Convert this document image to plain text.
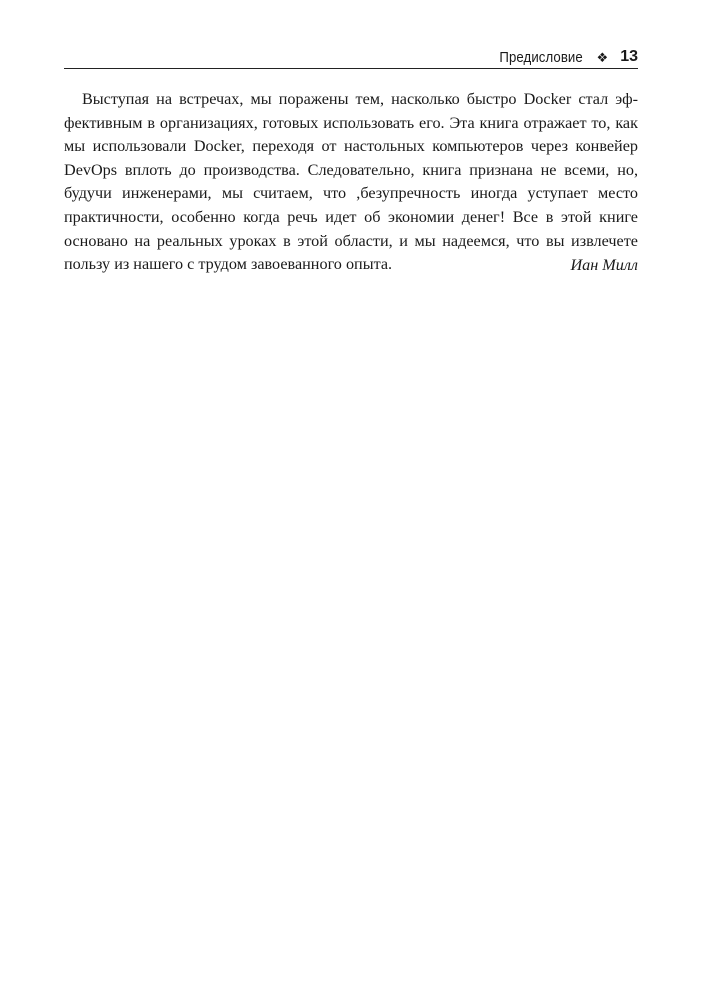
Предисловие ❖ 13

Выступая на встречах, мы поражены тем, насколько быстро Docker стал эффективным в организациях, готовых использовать его. Эта книга отражает то, как мы использовали Docker, переходя от настольных компьютеров через конвейер DevOps вплоть до производства. Следовательно, книга признана не всеми, но, будучи инженерами, мы считаем, что ,безупречность иногда уступает место практичности, особенно когда речь идет об экономии денег! Все в этой книге основано на реальных уроках в этой области, и мы надеемся, что вы извлечете пользу из нашего с трудом завоеванного опыта.	Иан Милл
